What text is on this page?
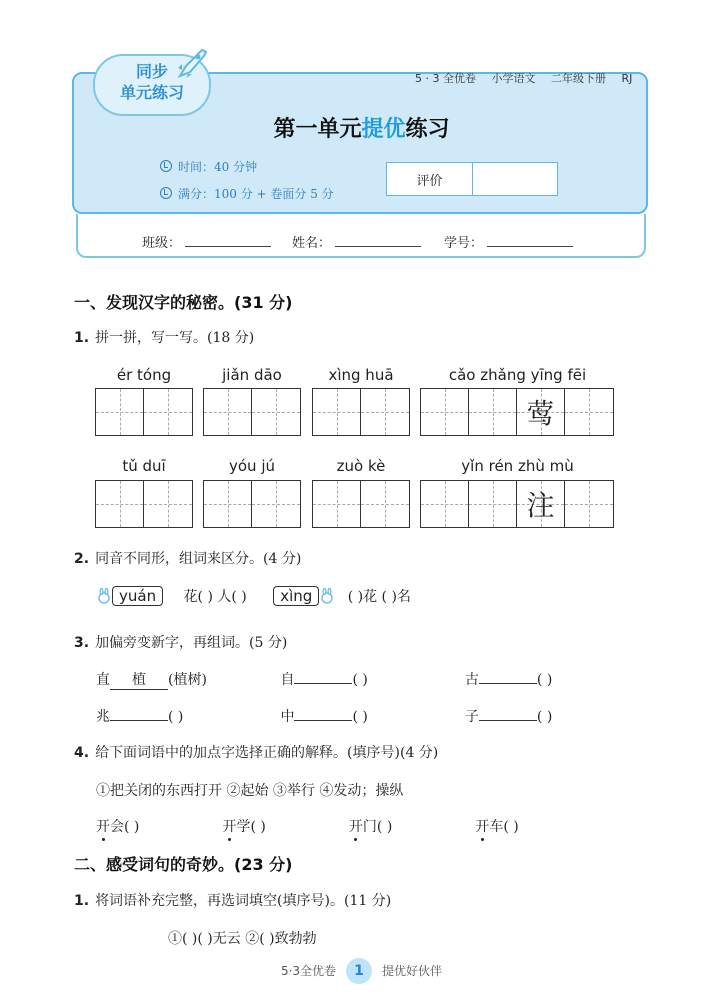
同步
单元练习
5 · 3 全优卷 小学语文 二年级下册 RJ
第一单元提优练习
时间：40 分钟
满分：100 分 + 卷面分 5 分
评价
班级：	姓名：	学号：
一、发现汉字的秘密。(31 分)
1. 拼一拼，写一写。(18 分)
ér tóng	jiǎn dāo	xìng huā	cǎo zhǎng yīng fēi
莺
tǔ duī	yóu jú	zuò kè	yǐn rén zhù mù
注
2. 同音不同形，组词来区分。(4 分)
yuán 花( ) 人( ) xìng	( )花 ( )名
3. 加偏旁变新字，再组词。(5 分)
直 植 (植树)	自	( )	古	( )
兆	( )	中	( )	子	( )
4. 给下面词语中的加点字选择正确的解释。(填序号)(4 分)
①把关闭的东西打开 ②起始 ③举行 ④发动；操纵
开会( )	开学( )	开门( )	开车( )
二、感受词句的奇妙。(23 分)
1. 将词语补充完整，再选词填空(填序号)。(11 分)
①( )( )无云 ②( )致勃勃
5·3全优卷 1 提优好伙伴
